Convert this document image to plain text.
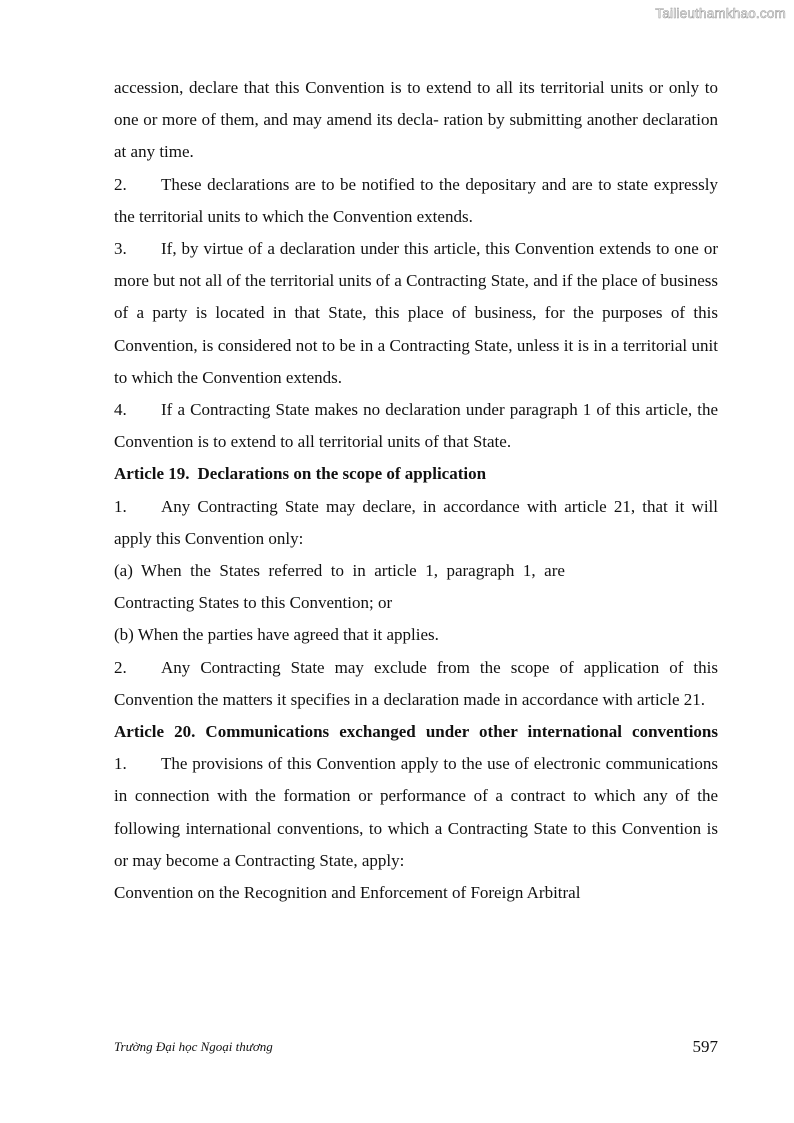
Tailieuthamkhao.com

accession, declare that this Convention is to extend to all its territorial units or only to one or more of them, and may amend its decla- ration by submitting another declaration at any time.

2. These declarations are to be notified to the depositary and are to state expressly the territorial units to which the Convention extends.

3. If, by virtue of a declaration under this article, this Convention extends to one or more but not all of the territorial units of a Contracting State, and if the place of business of a party is located in that State, this place of business, for the purposes of this Convention, is considered not to be in a Contracting State, unless it is in a territorial unit to which the Convention extends.

4. If a Contracting State makes no declaration under paragraph 1 of this article, the Convention is to extend to all territorial units of that State.

Article 19. Declarations on the scope of application

1. Any Contracting State may declare, in accordance with article 21, that it will apply this Convention only:

(a)  When  the  States  referred  to  in  article  1,  paragraph  1,  are

Contracting States to this Convention; or

(b) When the parties have agreed that it applies.

2. Any Contracting State may exclude from the scope of application of this Convention the matters it specifies in a declaration made in accordance with article 21.

Article 20. Communications exchanged under other international conventions

1. The provisions of this Convention apply to the use of electronic communications in connection with the formation or performance of a contract to which any of the following international conventions, to which a Contracting State to this Convention is or may become a Contracting State, apply:

Convention on the Recognition and Enforcement of Foreign Arbitral

Trường Đại học Ngoại thương	597
